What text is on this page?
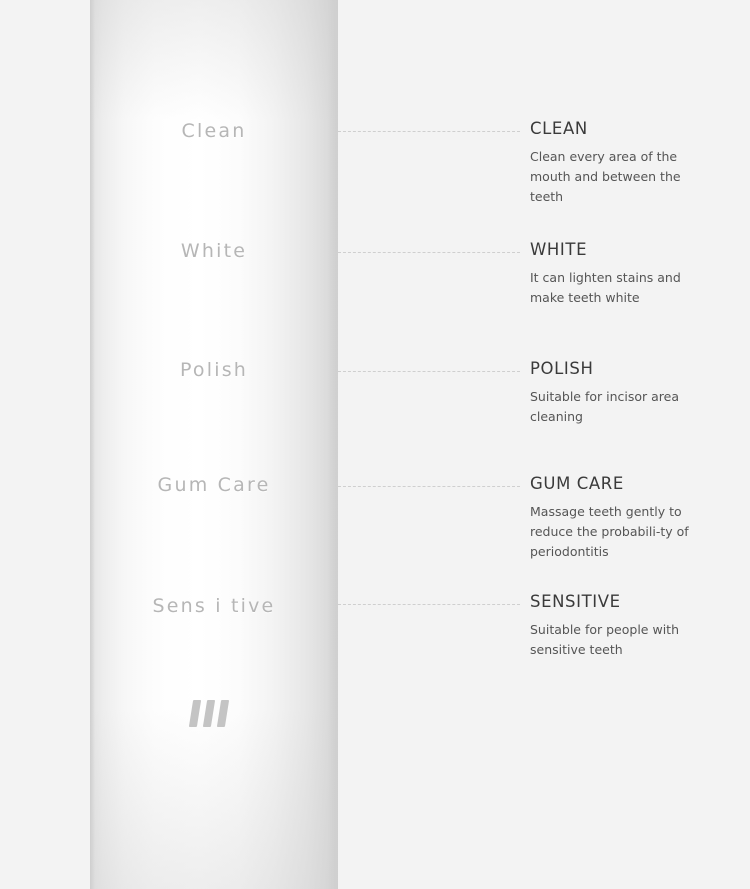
Clean
White
Polish
Gum Care
Sens i tive

CLEAN

Clean every area of the mouth and between the teeth

WHITE

It can lighten stains and make teeth white

POLISH

Suitable for incisor area cleaning

GUM CARE

Massage teeth gently to reduce the probabili-ty of periodontitis

SENSITIVE

Suitable for people with sensitive teeth
